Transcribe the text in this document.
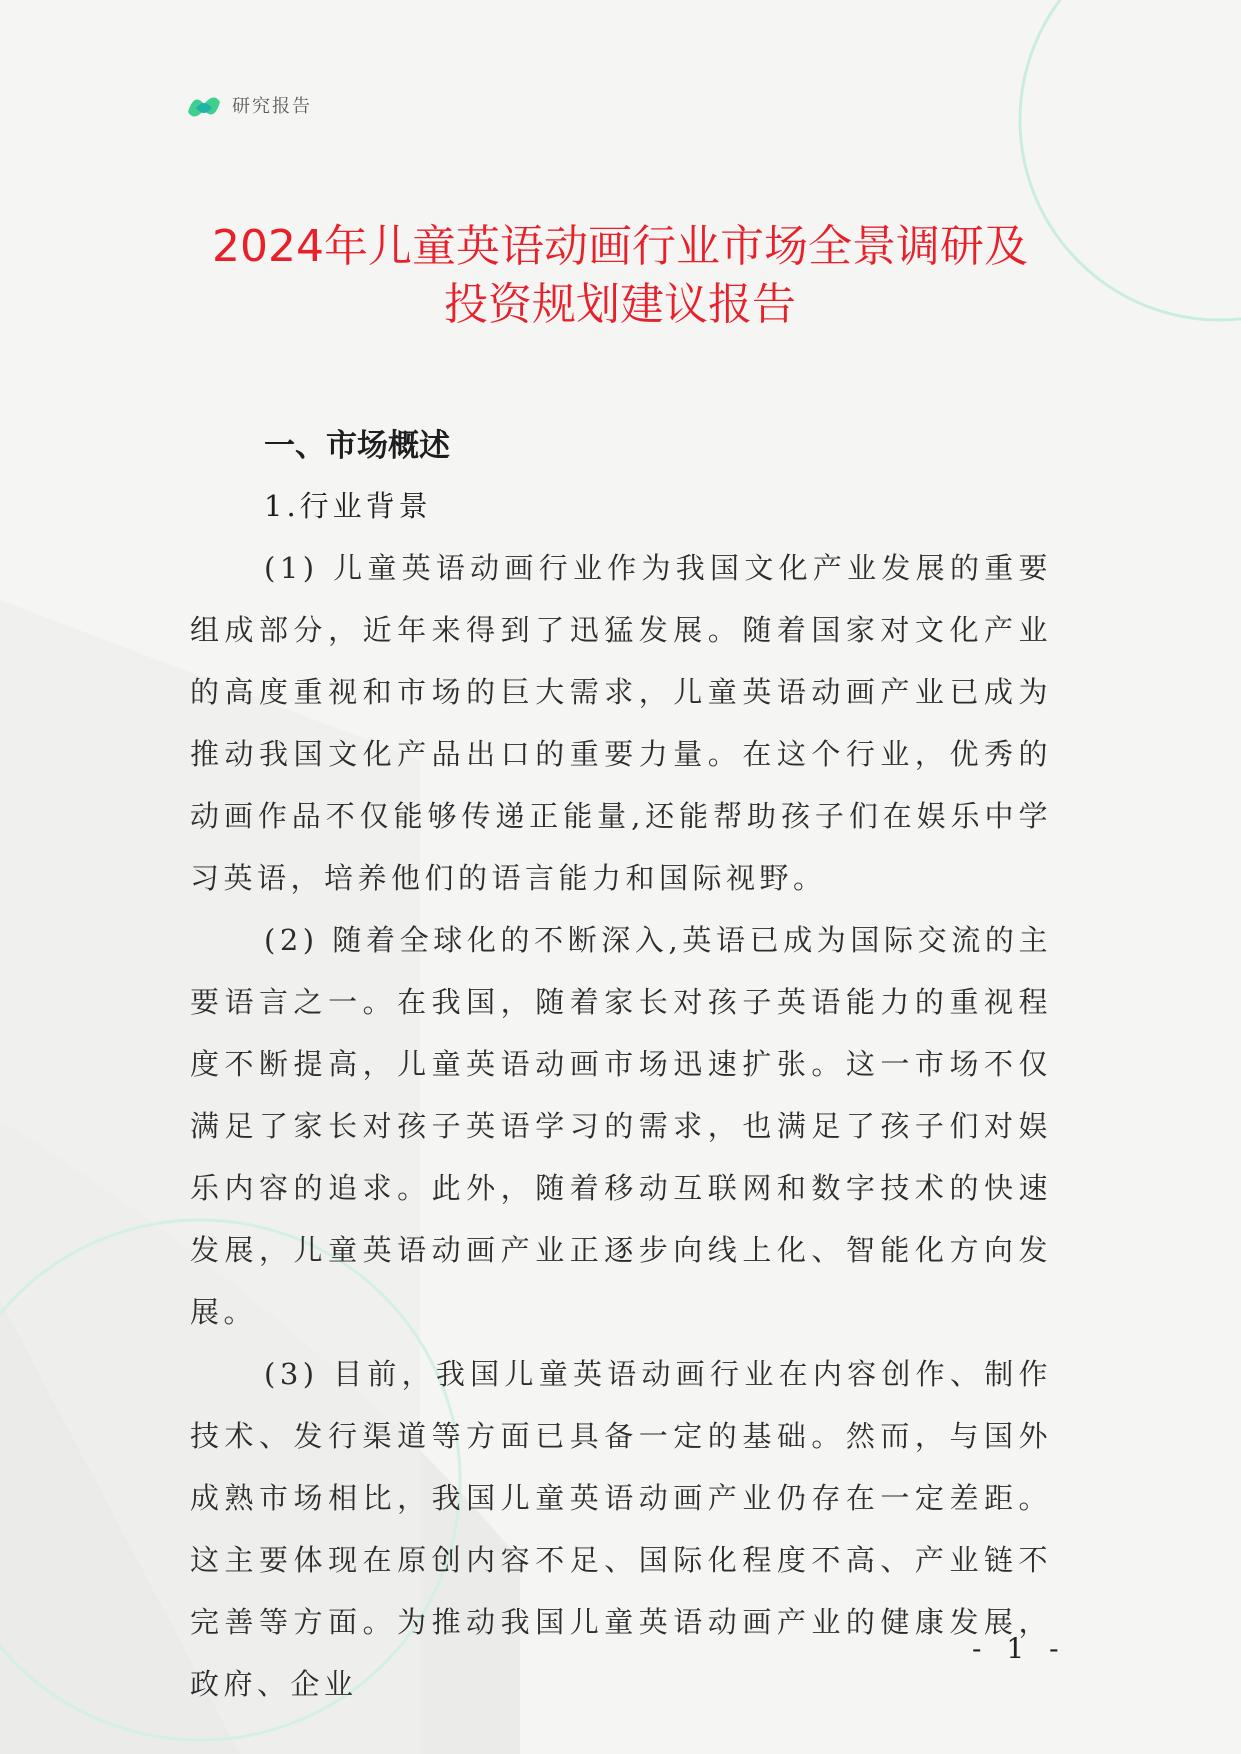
研究报告
2024年儿童英语动画行业市场全景调研及
投资规划建议报告
一、市场概述
1.行业背景

(1) 儿童英语动画行业作为我国文化产业发展的重要组成部分，近年来得到了迅猛发展。随着国家对文化产业的高度重视和市场的巨大需求，儿童英语动画产业已成为推动我国文化产品出口的重要力量。在这个行业，优秀的动画作品不仅能够传递正能量,还能帮助孩子们在娱乐中学习英语，培养他们的语言能力和国际视野。

(2) 随着全球化的不断深入,英语已成为国际交流的主要语言之一。在我国，随着家长对孩子英语能力的重视程度不断提高，儿童英语动画市场迅速扩张。这一市场不仅满足了家长对孩子英语学习的需求，也满足了孩子们对娱乐内容的追求。此外，随着移动互联网和数字技术的快速发展，儿童英语动画产业正逐步向线上化、智能化方向发展。

(3) 目前，我国儿童英语动画行业在内容创作、制作技术、发行渠道等方面已具备一定的基础。然而，与国外成熟市场相比，我国儿童英语动画产业仍存在一定差距。这主要体现在原创内容不足、国际化程度不高、产业链不完善等方面。为推动我国儿童英语动画产业的健康发展，政府、企业

- 1 -
